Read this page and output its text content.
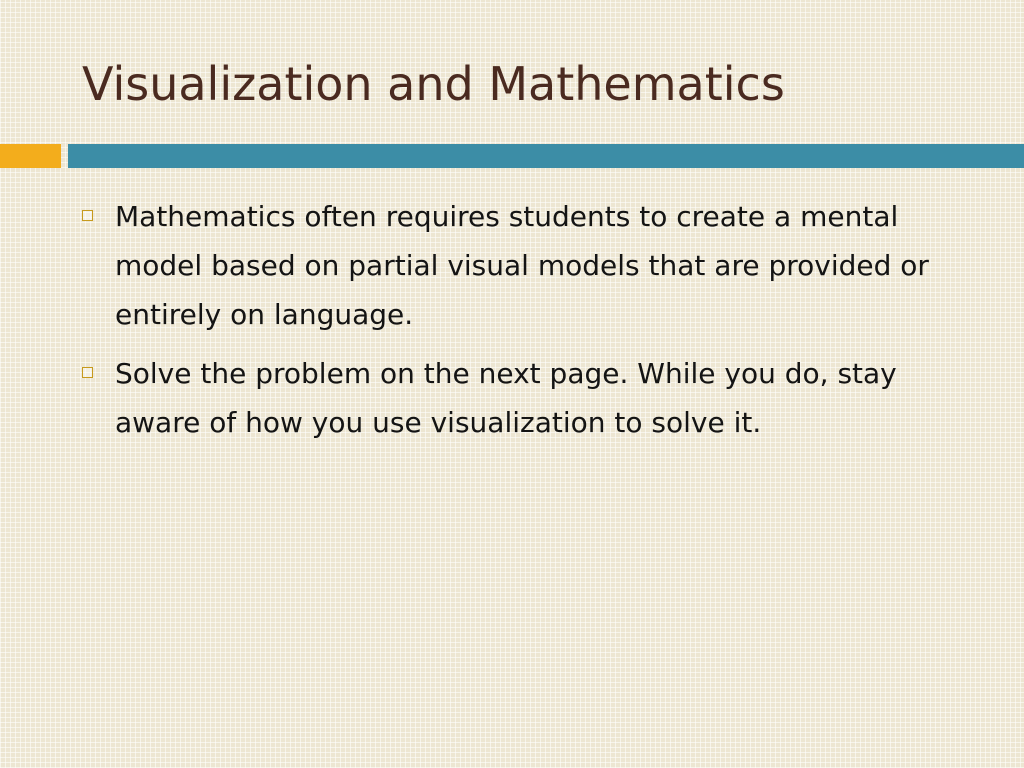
Visualization and Mathematics
Mathematics often requires students to create a mental model based on partial visual models that are provided or entirely on language.
Solve the problem on the next page. While you do, stay aware of how you use visualization to solve it.
